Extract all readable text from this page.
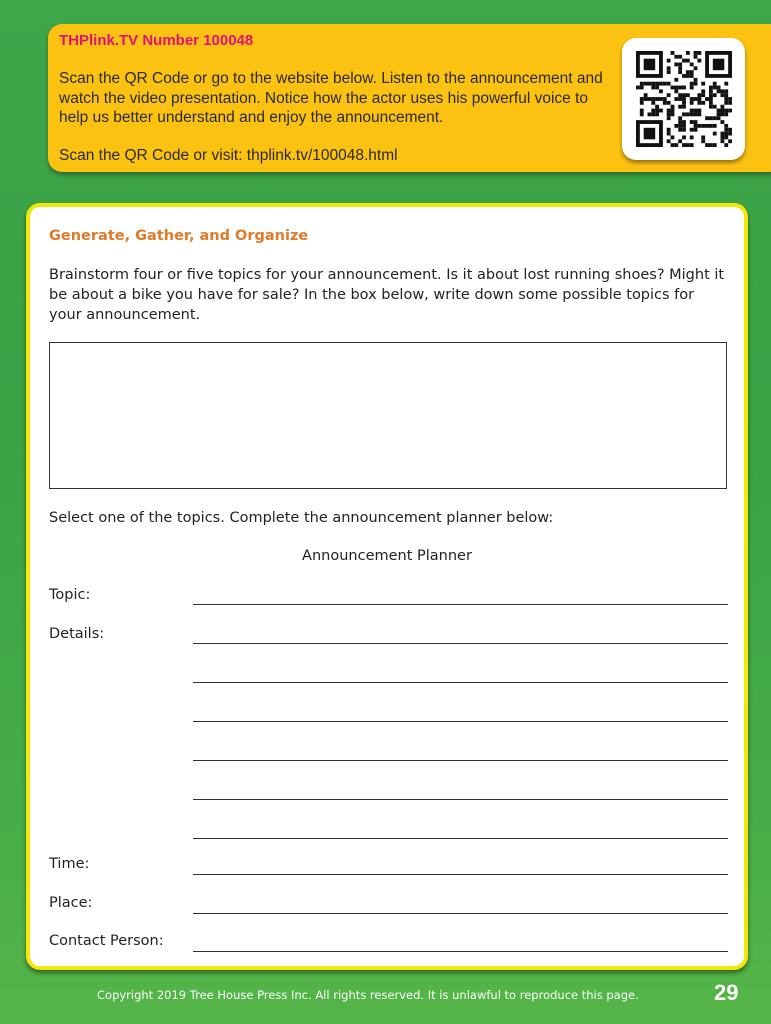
THPlink.TV Number 100048
Scan the QR Code or go to the website below. Listen to the announcement and watch the video presentation. Notice how the actor uses his powerful voice to help us better understand and enjoy the announcement.
Scan the QR Code or visit: thplink.tv/100048.html
Generate, Gather, and Organize
Brainstorm four or five topics for your announcement. Is it about lost running shoes? Might it be about a bike you have for sale? In the box below, write down some possible topics for your announcement.
Select one of the topics. Complete the announcement planner below:
Announcement Planner
Topic:
Details:
Time:
Place:
Contact Person:
Copyright 2019 Tree House Press Inc. All rights reserved. It is unlawful to reproduce this page.	29
